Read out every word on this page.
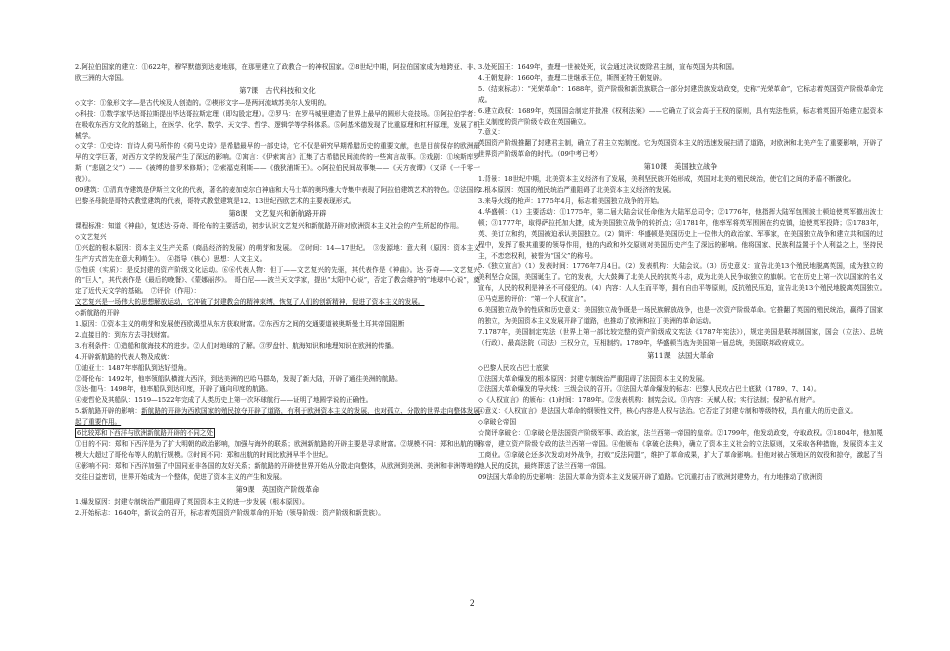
2.阿拉伯国家的建立：①622年，穆罕默德到达麦地那，在那里建立了政教合一的神权国家。②8世纪中期，阿拉伯国家成为地跨亚、非、欧三洲的大帝国。

第7课　古代科技和文化

◇文字：①象形文字—是古代埃及人创造的。②楔形文字—是两河流域苏美尔人发明的。

◇科技：①数学家毕达哥拉斯提出毕达哥拉斯定理（即勾股定理）。②罗马：在罗马城里建造了世界上最早的圆形大竞技场。③阿拉伯学者：在吸收东西方文化的基础上，在医学、化学、数学、天文学、哲学、逻辑学等学科体系。⑤阿基米德发现了比重原理和杠杆原理，发展了机械学。

◇文学：①史诗：盲诗人荷马所作的《荷马史诗》是希腊最早的一部史诗，它不仅是研究早期希腊历史的重要文献，也是目前保存的欧洲最早的文学巨著，对西方文学的发展产生了深远的影响。②寓言：《伊索寓言》汇集了古希腊民间流传的一些寓言故事。③戏剧：①埃斯库罗斯（“悲剧之父”）——《被缚的普罗米修斯》；②索福克利斯——《俄狄浦斯王》。◇阿拉伯民间故事集——《天方夜谭》（又译《一千零一夜》）。

09建筑：①清真寺建筑是伊斯兰文化的代表，著名的麦加克尔白神庙和大马士革的奥玛雅大寺集中表现了阿拉伯建筑艺术的特色。②法国的巴黎圣母院是哥特式教堂建筑的代表，哥特式教堂建筑是12、13世纪西欧艺术的主要表现形式。

第8课　文艺复兴和新航路开辟

课程标准：知道《神曲》，复述达·芬奇、哥伦布的主要活动，初步认识文艺复兴和新航路开辟对欧洲资本主义社会的产生所起的作用。

◇文艺复兴

①兴起的根本原因：资本主义生产关系（商品经济的发展）的萌芽和发展。　②时间：14—17世纪。　③发源地：意大利（原因：资本主义生产方式首先在意大利萌生）。　④指导（核心）思想：人文主义。

⑤性质（实质）：是反封建的资产阶级文化运动。⑥⑥代表人物：但丁——文艺复兴的先驱，其代表作是《神曲》。达·芬奇——文艺复兴的“巨人”，其代表作是《最后的晚餐》、《蒙娜丽莎》。　哥白尼——波兰天文学家，提出“太阳中心说”，否定了教会维护的“地球中心说”，奠定了近代天文学的基础。　⑦评价（作用）：

文艺复兴是一场伟大的思想解放运动，它冲破了封建教会的精神束缚，恢复了人们的创新精神，促进了资本主义的发展。

◇新航路的开辟

1.原因：①资本主义的萌芽和发展使西欧渴望从东方获取财富。②东西方之间的交通要道被奥斯曼土耳其帝国阻断

2.直接目的：到东方去寻找财富。

3.有利条件：①造船和航海技术的进步。②人们对地球的了解。③罗盘针、航海知识和地理知识在欧洲的传播。

4.开辟新航路的代表人物及成就：

①迪亚士：1487年率船队到达好望角。

②哥伦布：1492年，他率领船队横渡大西洋，到达美洲的巴哈马群岛，发现了新大陆，开辟了通往美洲的航路。

③达·伽马：1498年，他率船队到达印度，开辟了通向印度的航路。

④麦哲伦及其船队：1519—1522年完成了人类历史上第一次环球航行——证明了地圆学说的正确性。

5.新航路开辟的影响：新航路的开辟为西欧国家的殖民掠夺开辟了道路，有利于欧洲资本主义的发展，也对孤立、分散的世界走向整体发展起了重要作用。

6比较郑和下西洋与欧洲新航路开辟的不同之处

①目的不同：郑和下西洋是为了扩大明朝的政治影响，加强与海外的联系；欧洲新航路的开辟主要是寻求财富。②规模不同：郑和出航的规模大大超过了哥伦布等人的航行规模。③时间不同：郑和出航的时间比欧洲早半个世纪。

④影响不同：郑和下西洋加强了中国同亚非各国的友好关系；新航路的开辟使世界开始从分散走向整体，从欧洲到美洲、美洲和非洲等地的交往日益密切，世界开始成为一个整体，促进了资本主义的产生和发展。

第9课　英国资产阶级革命

1.爆发原因：封建专制统治严重阻碍了英国资本主义的进一步发展（根本原因）。

2.开始标志：1640年，新议会的召开，标志着英国资产阶级革命的开始（领导阶级：资产阶级和新贵族）。

3.处死国王：1649年，查理一世被处死，议会通过决议废除君主制，宣布英国为共和国。

4.王朝复辟：1660年，查理二世继承王位，斯图亚特王朝复辟。

5.（结束标志）：“光荣革命”：1688年，资产阶级和新贵族联合一部分封建贵族发动政变，史称“光荣革命”，它标志着英国资产阶级革命完成。

6.建立政权：1689年，英国国会制定并批准《权利法案》——它确立了议会高于王权的原则，具有宪法性质，标志着英国开始建立起资本主义制度的资产阶级专政在英国确立。

7.意义：

英国资产阶级推翻了封建君主制，确立了君主立宪制度。它为英国资本主义的迅速发展扫清了道路，对欧洲和北美产生了重要影响，开辟了世界资产阶级革命的时代。（09中考已考）

第10课　美国独立战争

1.背景：18世纪中期，北美资本主义经济有了发展，美利坚民族开始形成，英国对北美的殖民统治，使它们之间的矛盾不断激化。

2.根本原因：英国的殖民统治严重阻碍了北美资本主义经济的发展。

3.来导火线的枪声：1775年4月，标志着美国独立战争的开始。

4.华盛顿：（1）主要活动：①1775年，第二届大陆会议任命他为大陆军总司令；②1776年，他指挥大陆军包围波士顿迫使英军撤出波士顿；③1777年，取得萨拉托加大捷，成为美国独立战争的转折点；④1781年，他率军将英军围困在约克镇，迫使英军投降；⑤1783年，英、美订立和约，英国被迫承认美国独立。（2）简评：华盛顿是美国历史上一位伟大的政治家、军事家，在美国独立战争和建立共和国的过程中，发挥了极其重要的领导作用，他的内政和外交原则对美国历史产生了深远的影响。他将国家、民族利益置于个人利益之上，坚持民主，不恋恋权利，被誉为“国父”的称号。

5.《独立宣言》（1）发表时间：1776年7月4日。（2）发表机构：大陆会议。（3）历史意义：宣告北美13个殖民地脱离英国，成为独立的美利坚合众国，美国诞生了。它的发表，大大鼓舞了北美人民的抗英斗志，成为北美人民争取独立的旗帜。它在历史上第一次以国家的名义宣布，人民的权利是神圣不可侵犯的。（4）内容：人人生而平等，拥有自由平等原则，反抗殖民压迫，宣告北美13个殖民地脱离英国独立。　④马克思的评价：“第一个人权宣言”。

6.美国独立战争的性质和历史意义：美国独立战争既是一场民族解放战争，也是一次资产阶级革命。它推翻了英国的殖民统治，赢得了国家的独立，为美国资本主义发展开辟了道路，也推动了欧洲和拉丁美洲的革命运动。

7.1787年，美国制定宪法（世界上第一部比较完整的资产阶级成文宪法《1787年宪法》），规定美国是联邦制国家，国会（立法）、总统（行政）、最高法院（司法）三权分立，互相制约。1789年，华盛顿当选为美国第一届总统，美国联邦政府成立。

第11课　法国大革命

◇巴黎人民攻占巴士底狱

①法国大革命爆发的根本原因：封建专制统治严重阻碍了法国资本主义的发展。

②法国大革命爆发的导火线：三级会议的召开。③法国大革命爆发的标志：巴黎人民攻占巴士底狱（1789、7、14）。

◇《人权宣言》的颁布：(1)时间：1789年。②发表机构：制宪会议。③内容：天赋人权；实行法制；保护私有财产。

④意义：《人权宣言》是法国大革命的纲领性文件，核心内容是人权与法治。它否定了封建专制和等级特权，具有重大的历史意义。

◇拿破仑帝国

☆简评拿破仑：①拿破仑是法国资产阶级军事、政治家，法兰西第一帝国的皇帝。②1799年，他发动政变，夺取政权。③1804年，他加冕称帝，建立资产阶级专政的法兰西第一帝国。④他颁布《拿破仑法典》，确立了资本主义社会的立法原则，又采取各种措施，发展资本主义工商业。⑤拿破仑还多次发动对外战争，打败“反法同盟”，维护了革命成果，扩大了革命影响。但他对被占领地区的奴役和掠夺，激起了当地人民的反抗，最终葬送了法兰西第一帝国。

09法国大革命的历史影响：法国大革命为资本主义发展开辟了道路。它沉重打击了欧洲封建势力，有力地推动了欧洲资

2
